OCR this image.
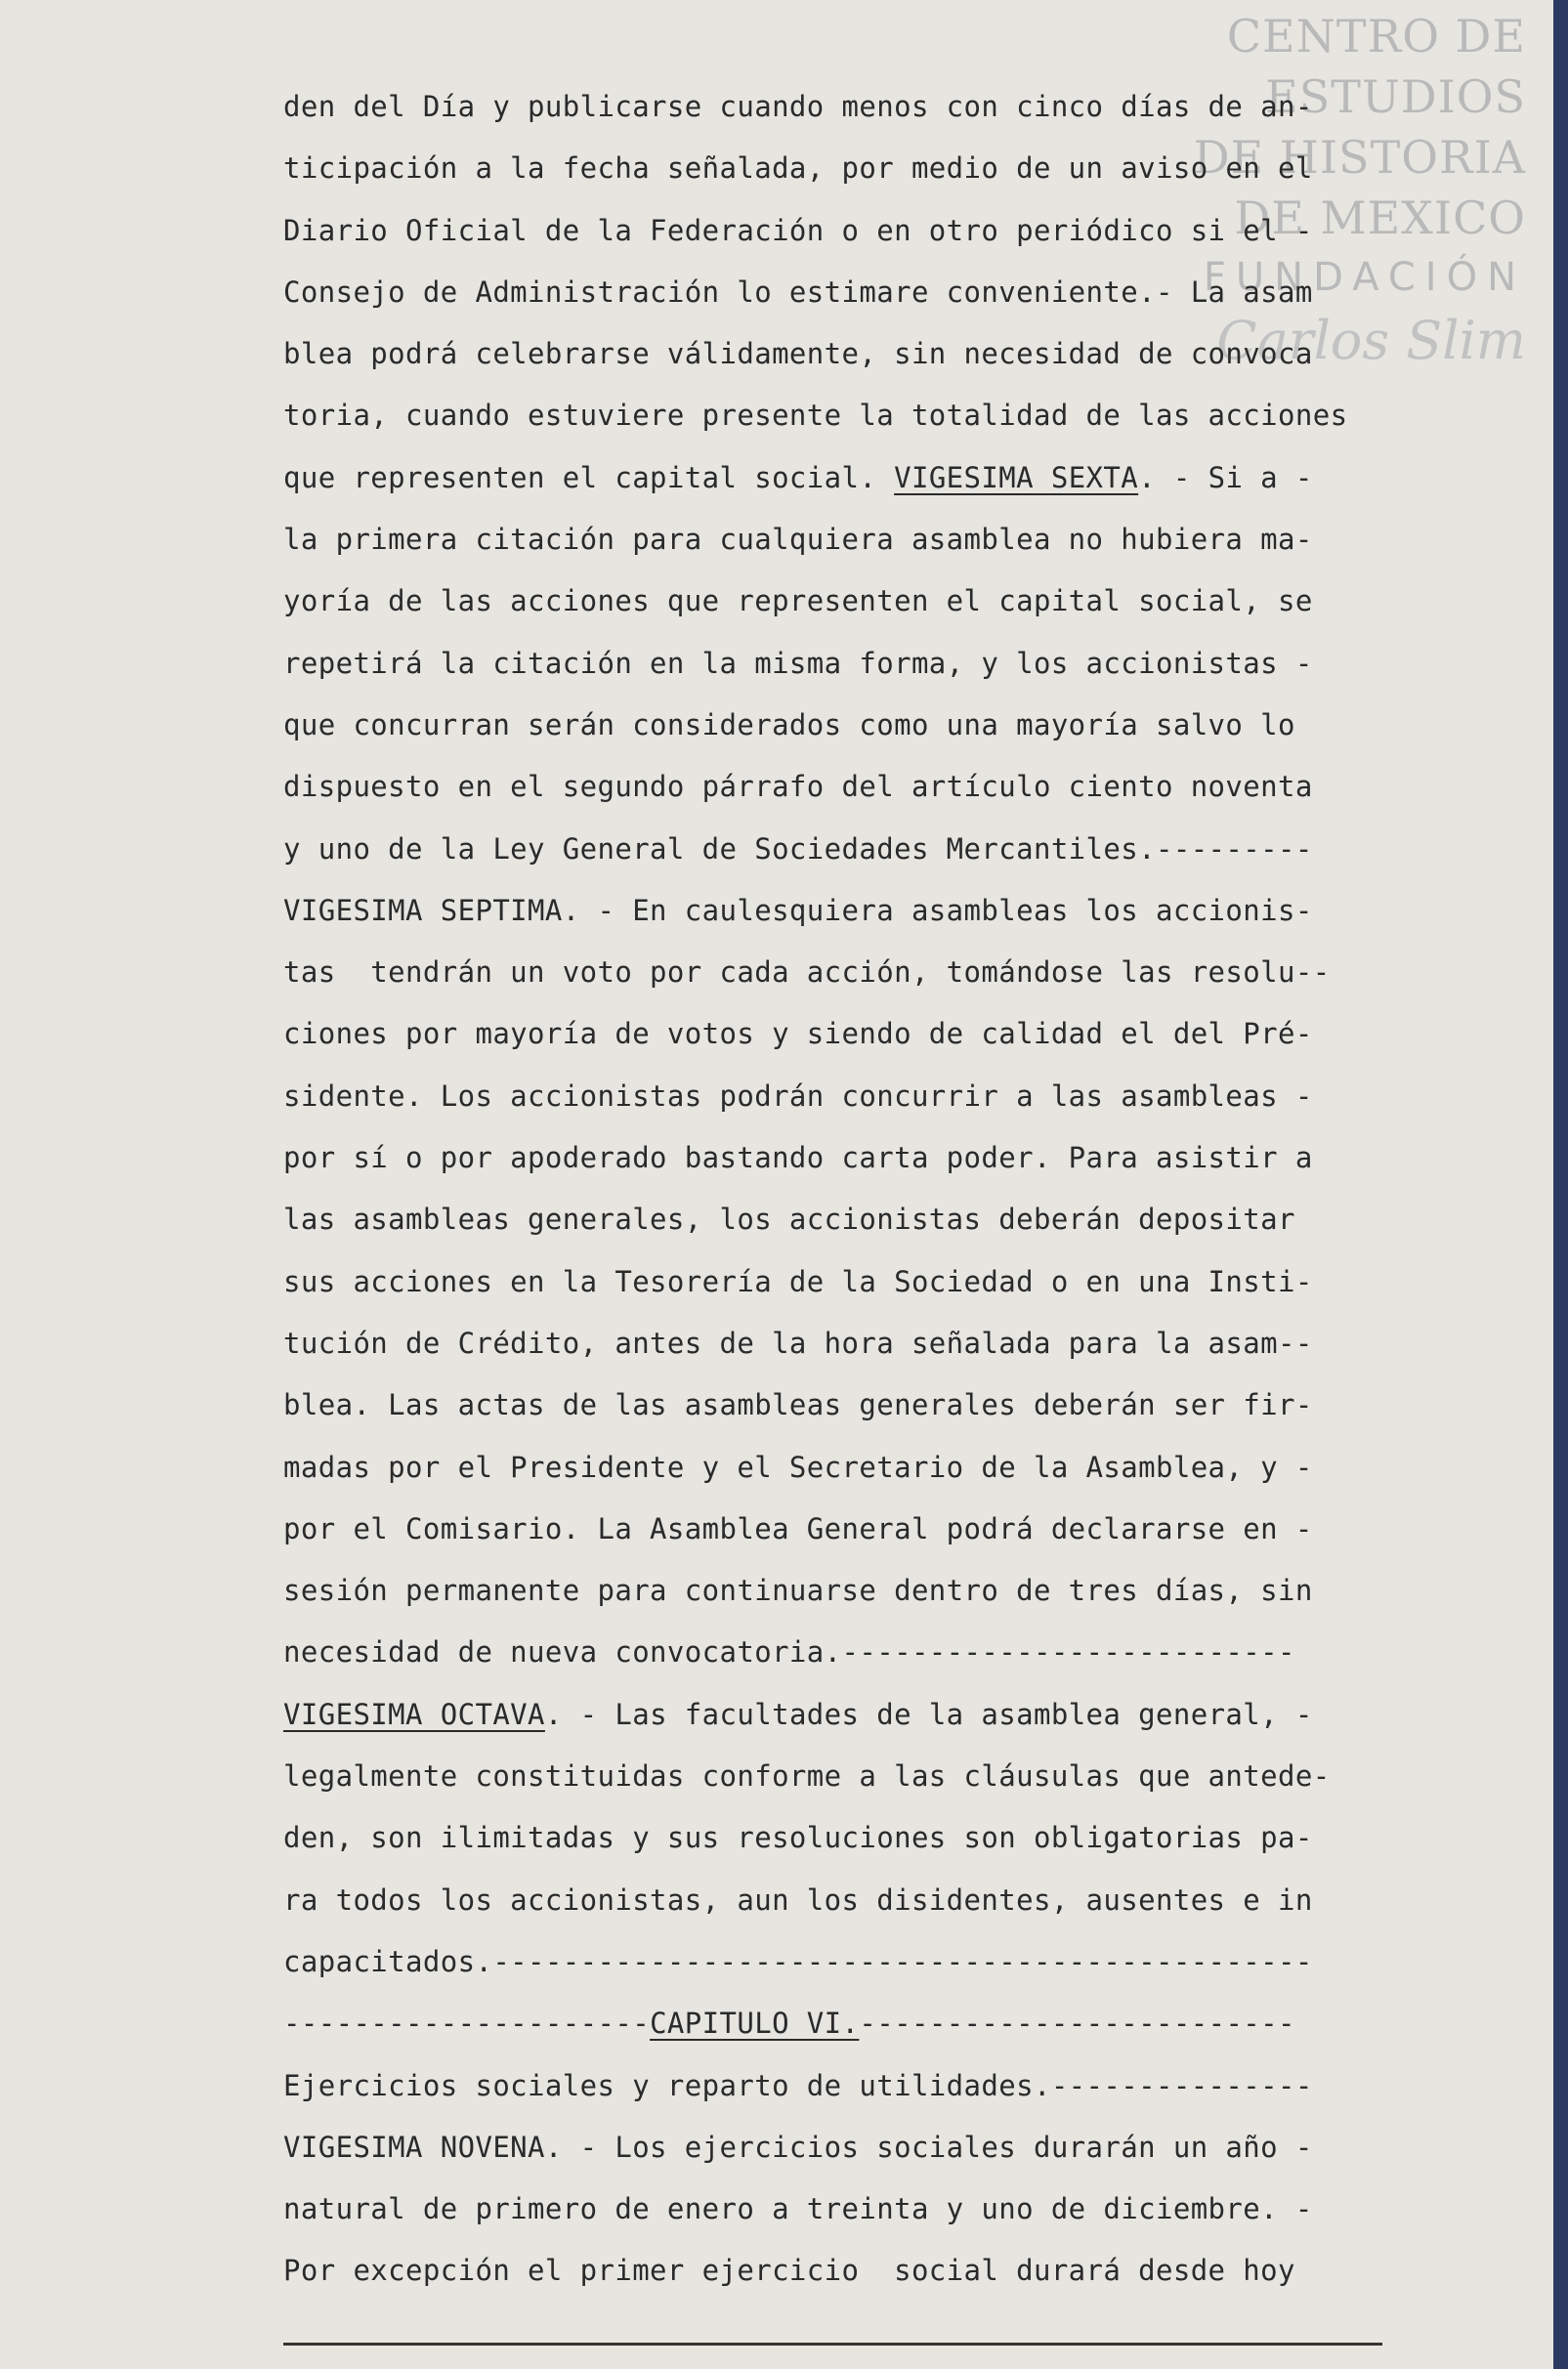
CENTRO DE
ESTUDIOS
DE HISTORIA
DE MEXICO
FUNDACIÓN
Carlos Slim
den del Día y publicarse cuando menos con cinco días de an-
ticipación a la fecha señalada, por medio de un aviso en el
Diario Oficial de la Federación o en otro periódico si el -
Consejo de Administración lo estimare conveniente.- La asam
blea podrá celebrarse válidamente, sin necesidad de convoca
toria, cuando estuviere presente la totalidad de las acciones
que representen el capital social. VIGESIMA SEXTA. - Si a -
la primera citación para cualquiera asamblea no hubiera ma-
yoría de las acciones que representen el capital social, se
repetirá la citación en la misma forma, y los accionistas -
que concurran serán considerados como una mayoría salvo lo
dispuesto en el segundo párrafo del artículo ciento noventa
y uno de la Ley General de Sociedades Mercantiles.---------
VIGESIMA SEPTIMA. - En caulesquiera asambleas los accionis-
tas  tendrán un voto por cada acción, tomándose las resolu--
ciones por mayoría de votos y siendo de calidad el del Pré-
sidente. Los accionistas podrán concurrir a las asambleas -
por sí o por apoderado bastando carta poder. Para asistir a
las asambleas generales, los accionistas deberán depositar
sus acciones en la Tesorería de la Sociedad o en una Insti-
tución de Crédito, antes de la hora señalada para la asam--
blea. Las actas de las asambleas generales deberán ser fir-
madas por el Presidente y el Secretario de la Asamblea, y -
por el Comisario. La Asamblea General podrá declararse en -
sesión permanente para continuarse dentro de tres días, sin
necesidad de nueva convocatoria.--------------------------
VIGESIMA OCTAVA. - Las facultades de la asamblea general, -
legalmente constituidas conforme a las cláusulas que antede-
den, son ilimitadas y sus resoluciones son obligatorias pa-
ra todos los accionistas, aun los disidentes, ausentes e in
capacitados.-----------------------------------------------
---------------------CAPITULO VI.-------------------------
Ejercicios sociales y reparto de utilidades.---------------
VIGESIMA NOVENA. - Los ejercicios sociales durarán un año -
natural de primero de enero a treinta y uno de diciembre. -
Por excepción el primer ejercicio  social durará desde hoy
